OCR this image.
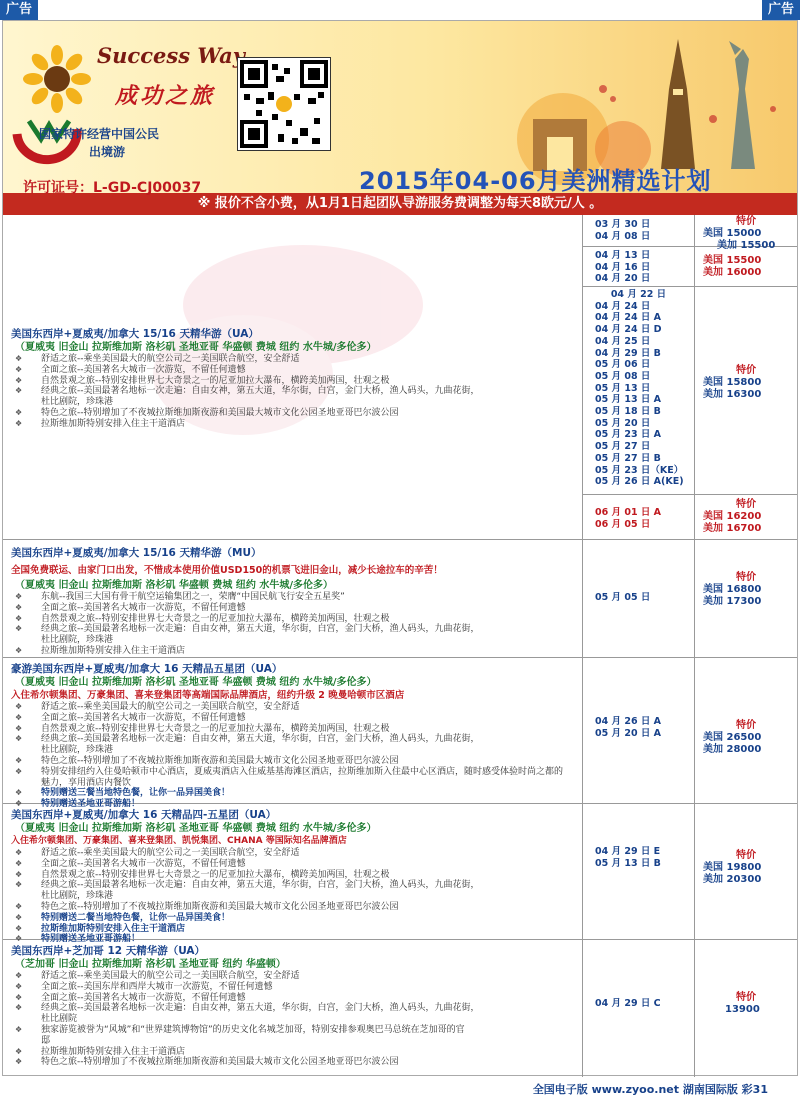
广告	广告
Success Way
成功之旅
国家特许经营中国公民
出境游
许可证号：L-GD-CJ00037	2015年04-06月美洲精选计划
※ 报价不含小费，从1月1日起团队导游服务费调整为每天8欧元/人 。
美国东西岸+夏威夷/加拿大 15/16 天精华游（UA）
（夏威夷 旧金山 拉斯维加斯 洛杉矶 圣地亚哥 华盛顿 费城 纽约 水牛城/多伦多）
❖ 舒适之旅--乘坐美国最大的航空公司之一美国联合航空，安全舒适
❖ 全面之旅--美国著名大城市一次游览，不留任何遗憾
❖ 自然景观之旅--特别安排世界七大奇景之一的尼亚加拉大瀑布，横跨美加两国，壮观之极
❖ 经典之旅--美国最著名地标一次走遍：自由女神，第五大道，华尔街，白宫，金门大桥，渔人码头，九曲花街，
杜比剧院，珍珠港
❖ 特色之旅--特别增加了不夜城拉斯维加斯夜游和美国最大城市文化公园圣地亚哥巴尔波公园
❖ 拉斯维加斯特别安排入住主干道酒店
03 月 30 日
04 月 08 日
04 月 13 日
04 月 16 日
04 月 20 日
04 月 22 日
04 月 24 日
04 月 24 日 A
04 月 24 日 D
04 月 25 日
04 月 29 日 B
05 月 06 日
05 月 08 日
05 月 13 日
05 月 13 日 A
05 月 18 日 B
05 月 20 日
05 月 23 日 A
05 月 27 日
05 月 27 日 B
05 月 23 日（KE）
05 月 26 日 A(KE)
06 月 01 日 A
06 月 05 日
特价
美国 15000
美加 15500
美国 15500
美加 16000
特价
美国 15800
美加 16300
特价
美国 16200
美加 16700
美国东西岸+夏威夷/加拿大 15/16 天精华游（MU）
全国免费联运、由家门口出发，不惜成本使用价值USD150的机票飞进旧金山，减少长途拉车的辛苦！
（夏威夷 旧金山 拉斯维加斯 洛杉矶 华盛顿 费城 纽约 水牛城/多伦多）
❖ 东航--我国三大国有骨干航空运输集团之一，荣膺“中国民航飞行安全五星奖”
❖ 全面之旅--美国著名大城市一次游览，不留任何遗憾
❖ 自然景观之旅--特别安排世界七大奇景之一的尼亚加拉大瀑布，横跨美加两国，壮观之极
❖ 经典之旅--美国最著名地标一次走遍：自由女神，第五大道，华尔街，白宫，金门大桥，渔人码头，九曲花街，
杜比剧院，珍珠港
❖ 拉斯维加斯特别安排入住主干道酒店
05 月 05 日
特价
美国 16800
美加 17300
豪游美国东西岸+夏威夷/加拿大 16 天精品五星团（UA）
（夏威夷 旧金山 拉斯维加斯 洛杉矶 圣地亚哥 华盛顿 费城 纽约 水牛城/多伦多）
入住希尔顿集团、万豪集团、喜来登集团等高端国际品牌酒店，纽约升级 2 晚曼哈顿市区酒店
❖ 舒适之旅--乘坐美国最大的航空公司之一美国联合航空，安全舒适
❖ 全面之旅--美国著名大城市一次游览，不留任何遗憾
❖ 自然景观之旅--特别安排世界七大奇景之一的尼亚加拉大瀑布，横跨美加两国，壮观之极
❖ 经典之旅--美国最著名地标一次走遍：自由女神，第五大道，华尔街，白宫，金门大桥，渔人码头，九曲花街，
杜比剧院，珍珠港
❖ 特色之旅--特别增加了不夜城拉斯维加斯夜游和美国最大城市文化公园圣地亚哥巴尔波公园
❖ 特别安排纽约入住曼哈顿市中心酒店，夏威夷酒店入住威基基海滩区酒店，拉斯维加斯入住最中心区酒店，随时感受体验时尚之都的
魅力，享用酒店内餐饮
❖ 特别赠送三餐当地特色餐，让你一品异国美食！
❖ 特别赠送圣地亚哥游船！
04 月 26 日 A
05 月 20 日 A
特价
美国 26500
美加 28000
美国东西岸+夏威夷/加拿大 16 天精品四-五星团（UA）
（夏威夷 旧金山 拉斯维加斯 洛杉矶 圣地亚哥 华盛顿 费城 纽约 水牛城/多伦多）
入住希尔顿集团、万豪集团、喜来登集团、凯悦集团、CHANA 等国际知名品牌酒店
❖ 舒适之旅--乘坐美国最大的航空公司之一美国联合航空，安全舒适
❖ 全面之旅--美国著名大城市一次游览，不留任何遗憾
❖ 自然景观之旅--特别安排世界七大奇景之一的尼亚加拉大瀑布，横跨美加两国，壮观之极
❖ 经典之旅--美国最著名地标一次走遍：自由女神，第五大道，华尔街，白宫，金门大桥，渔人码头，九曲花街，
杜比剧院，珍珠港
❖ 特色之旅--特别增加了不夜城拉斯维加斯夜游和美国最大城市文化公园圣地亚哥巴尔波公园
❖ 特别赠送二餐当地特色餐，让你一品异国美食！
❖ 拉斯维加斯特别安排入住主干道酒店
❖ 特别赠送圣地亚哥游船！
04 月 29 日 E
05 月 13 日 B
特价
美国 19800
美加 20300
美国东西岸+芝加哥 12 天精华游（UA）
（芝加哥 旧金山 拉斯维加斯 洛杉矶 圣地亚哥 纽约 华盛顿）
❖ 舒适之旅--乘坐美国最大的航空公司之一美国联合航空，安全舒适
❖ 全面之旅--美国东岸和西岸大城市一次游览，不留任何遗憾
❖ 全面之旅--美国著名大城市一次游览，不留任何遗憾
❖ 经典之旅--美国最著名地标一次走遍：自由女神，第五大道，华尔街，白宫，金门大桥，渔人码头，九曲花街，
杜比剧院
❖ 独家游览被誉为“风城”和“世界建筑博物馆”的历史文化名城芝加哥，特别安排参观奥巴马总统在芝加哥的官
邸
❖ 拉斯维加斯特别安排入住主干道酒店
❖ 特色之旅--特别增加了不夜城拉斯维加斯夜游和美国最大城市文化公园圣地亚哥巴尔波公园
04 月 29 日 C
特价
13900
全国电子版 www.zyoo.net 湖南国际版 彩31
